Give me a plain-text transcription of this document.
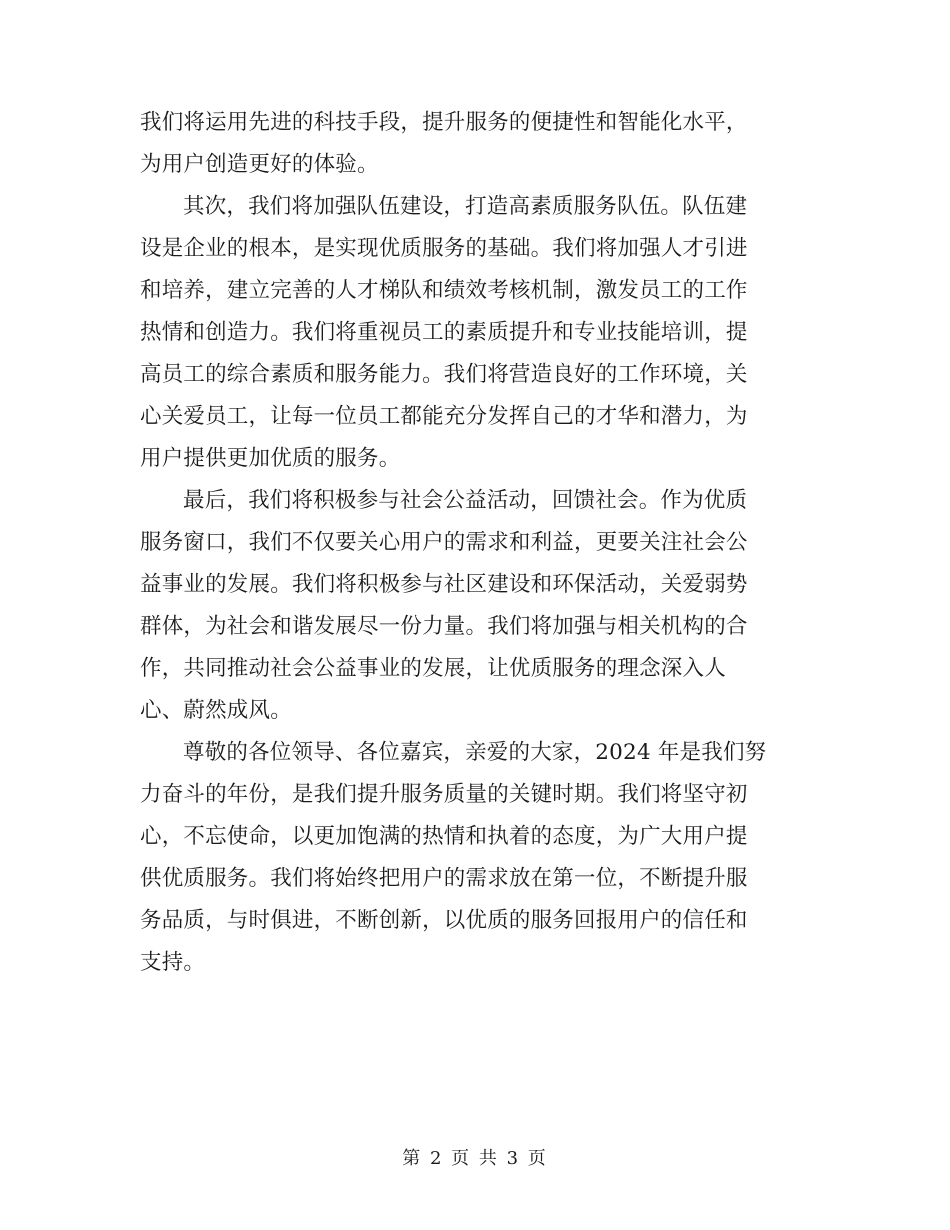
我们将运用先进的科技手段，提升服务的便捷性和智能化水平，
为用户创造更好的体验。
其次，我们将加强队伍建设，打造高素质服务队伍。队伍建
设是企业的根本，是实现优质服务的基础。我们将加强人才引进
和培养，建立完善的人才梯队和绩效考核机制，激发员工的工作
热情和创造力。我们将重视员工的素质提升和专业技能培训，提
高员工的综合素质和服务能力。我们将营造良好的工作环境，关
心关爱员工，让每一位员工都能充分发挥自己的才华和潜力，为
用户提供更加优质的服务。
最后，我们将积极参与社会公益活动，回馈社会。作为优质
服务窗口，我们不仅要关心用户的需求和利益，更要关注社会公
益事业的发展。我们将积极参与社区建设和环保活动，关爱弱势
群体，为社会和谐发展尽一份力量。我们将加强与相关机构的合
作，共同推动社会公益事业的发展，让优质服务的理念深入人
心、蔚然成风。
尊敬的各位领导、各位嘉宾，亲爱的大家，2024 年是我们努
力奋斗的年份，是我们提升服务质量的关键时期。我们将坚守初
心，不忘使命，以更加饱满的热情和执着的态度，为广大用户提
供优质服务。我们将始终把用户的需求放在第一位，不断提升服
务品质，与时俱进，不断创新，以优质的服务回报用户的信任和
支持。
第 2 页 共 3 页
